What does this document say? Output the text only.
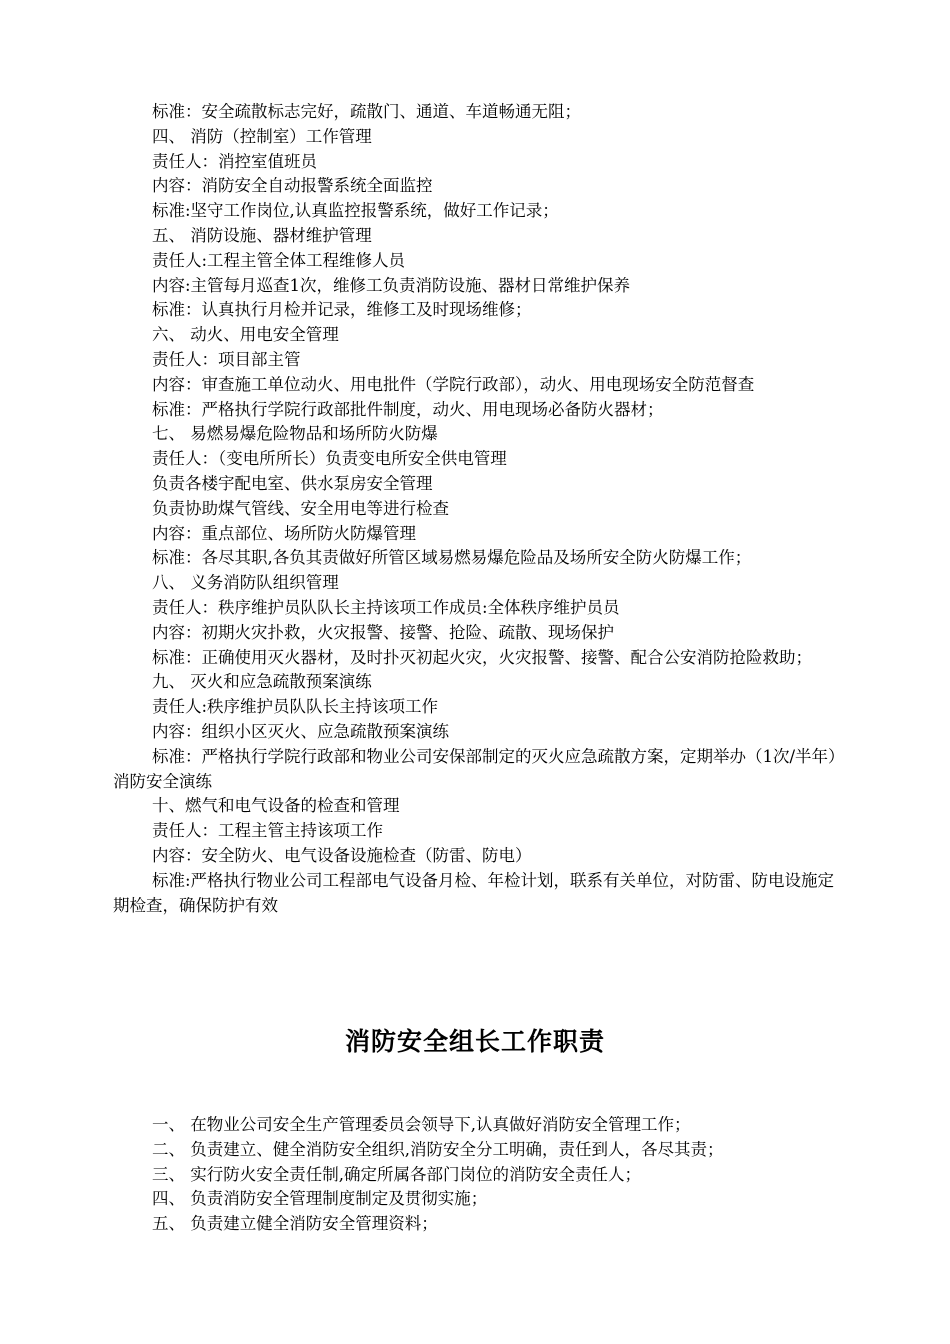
标准：安全疏散标志完好，疏散门、通道、车道畅通无阻；
四、 消防（控制室）工作管理
责任人：消控室值班员
内容：消防安全自动报警系统全面监控
标准:坚守工作岗位,认真监控报警系统，做好工作记录；
五、 消防设施、器材维护管理
责任人:工程主管全体工程维修人员
内容:主管每月巡查1次，维修工负责消防设施、器材日常维护保养
标准：认真执行月检并记录，维修工及时现场维修；
六、 动火、用电安全管理
责任人：项目部主管
内容：审查施工单位动火、用电批件（学院行政部），动火、用电现场安全防范督查
标准：严格执行学院行政部批件制度，动火、用电现场必备防火器材；
七、 易燃易爆危险物品和场所防火防爆
责任人：（变电所所长）负责变电所安全供电管理
负责各楼宇配电室、供水泵房安全管理
负责协助煤气管线、安全用电等进行检查
内容：重点部位、场所防火防爆管理
标准：各尽其职,各负其责做好所管区域易燃易爆危险品及场所安全防火防爆工作；
八、 义务消防队组织管理
责任人：秩序维护员队队长主持该项工作成员:全体秩序维护员员
内容：初期火灾扑救，火灾报警、接警、抢险、疏散、现场保护
标准：正确使用灭火器材，及时扑灭初起火灾，火灾报警、接警、配合公安消防抢险救助；
九、 灭火和应急疏散预案演练
责任人:秩序维护员队队长主持该项工作
内容：组织小区灭火、应急疏散预案演练
标准：严格执行学院行政部和物业公司安保部制定的灭火应急疏散方案，定期举办（1次/半年）消防安全演练
十、燃气和电气设备的检查和管理
责任人：工程主管主持该项工作
内容：安全防火、电气设备设施检查（防雷、防电）
标准:严格执行物业公司工程部电气设备月检、年检计划，联系有关单位，对防雷、防电设施定期检查，确保防护有效
消防安全组长工作职责
一、 在物业公司安全生产管理委员会领导下,认真做好消防安全管理工作；
二、 负责建立、健全消防安全组织,消防安全分工明确，责任到人，各尽其责；
三、 实行防火安全责任制,确定所属各部门岗位的消防安全责任人；
四、 负责消防安全管理制度制定及贯彻实施；
五、 负责建立健全消防安全管理资料；
